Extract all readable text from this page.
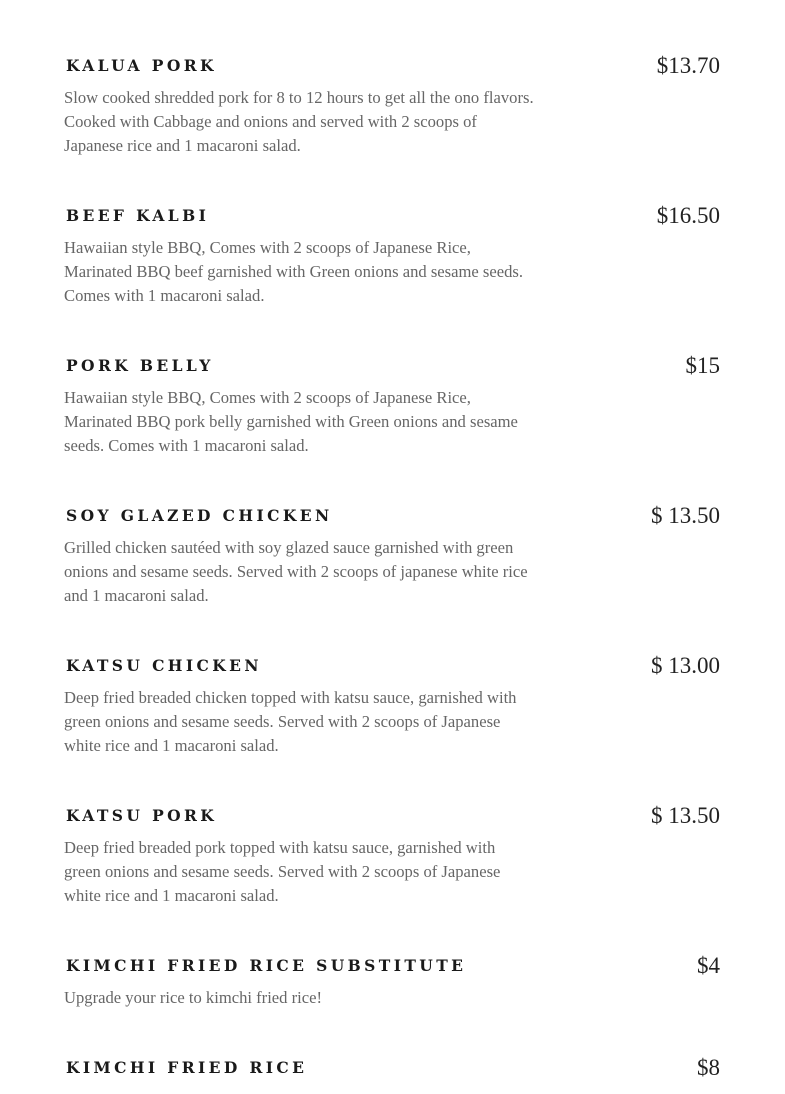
KALUA PORK	$13.70
Slow cooked shredded pork for 8 to 12 hours to get all the ono flavors. Cooked with Cabbage and onions and served with 2 scoops of Japanese rice and 1 macaroni salad.
BEEF KALBI	$16.50
Hawaiian style BBQ, Comes with 2 scoops of Japanese Rice, Marinated BBQ beef garnished with Green onions and sesame seeds. Comes with 1 macaroni salad.
PORK BELLY	$15
Hawaiian style BBQ, Comes with 2 scoops of Japanese Rice, Marinated BBQ pork belly garnished with Green onions and sesame seeds. Comes with 1 macaroni salad.
SOY GLAZED CHICKEN	$ 13.50
Grilled chicken sautéed with soy glazed sauce garnished with green onions and sesame seeds. Served with 2 scoops of japanese white rice and 1 macaroni salad.
KATSU CHICKEN	$ 13.00
Deep fried breaded chicken topped with katsu sauce, garnished with green onions and sesame seeds. Served with 2 scoops of Japanese white rice and 1 macaroni salad.
KATSU PORK	$ 13.50
Deep fried breaded pork topped with katsu sauce, garnished with green onions and sesame seeds. Served with 2 scoops of Japanese white rice and 1 macaroni salad.
KIMCHI FRIED RICE SUBSTITUTE	$4
Upgrade your rice to kimchi fried rice!
KIMCHI FRIED RICE	$8
